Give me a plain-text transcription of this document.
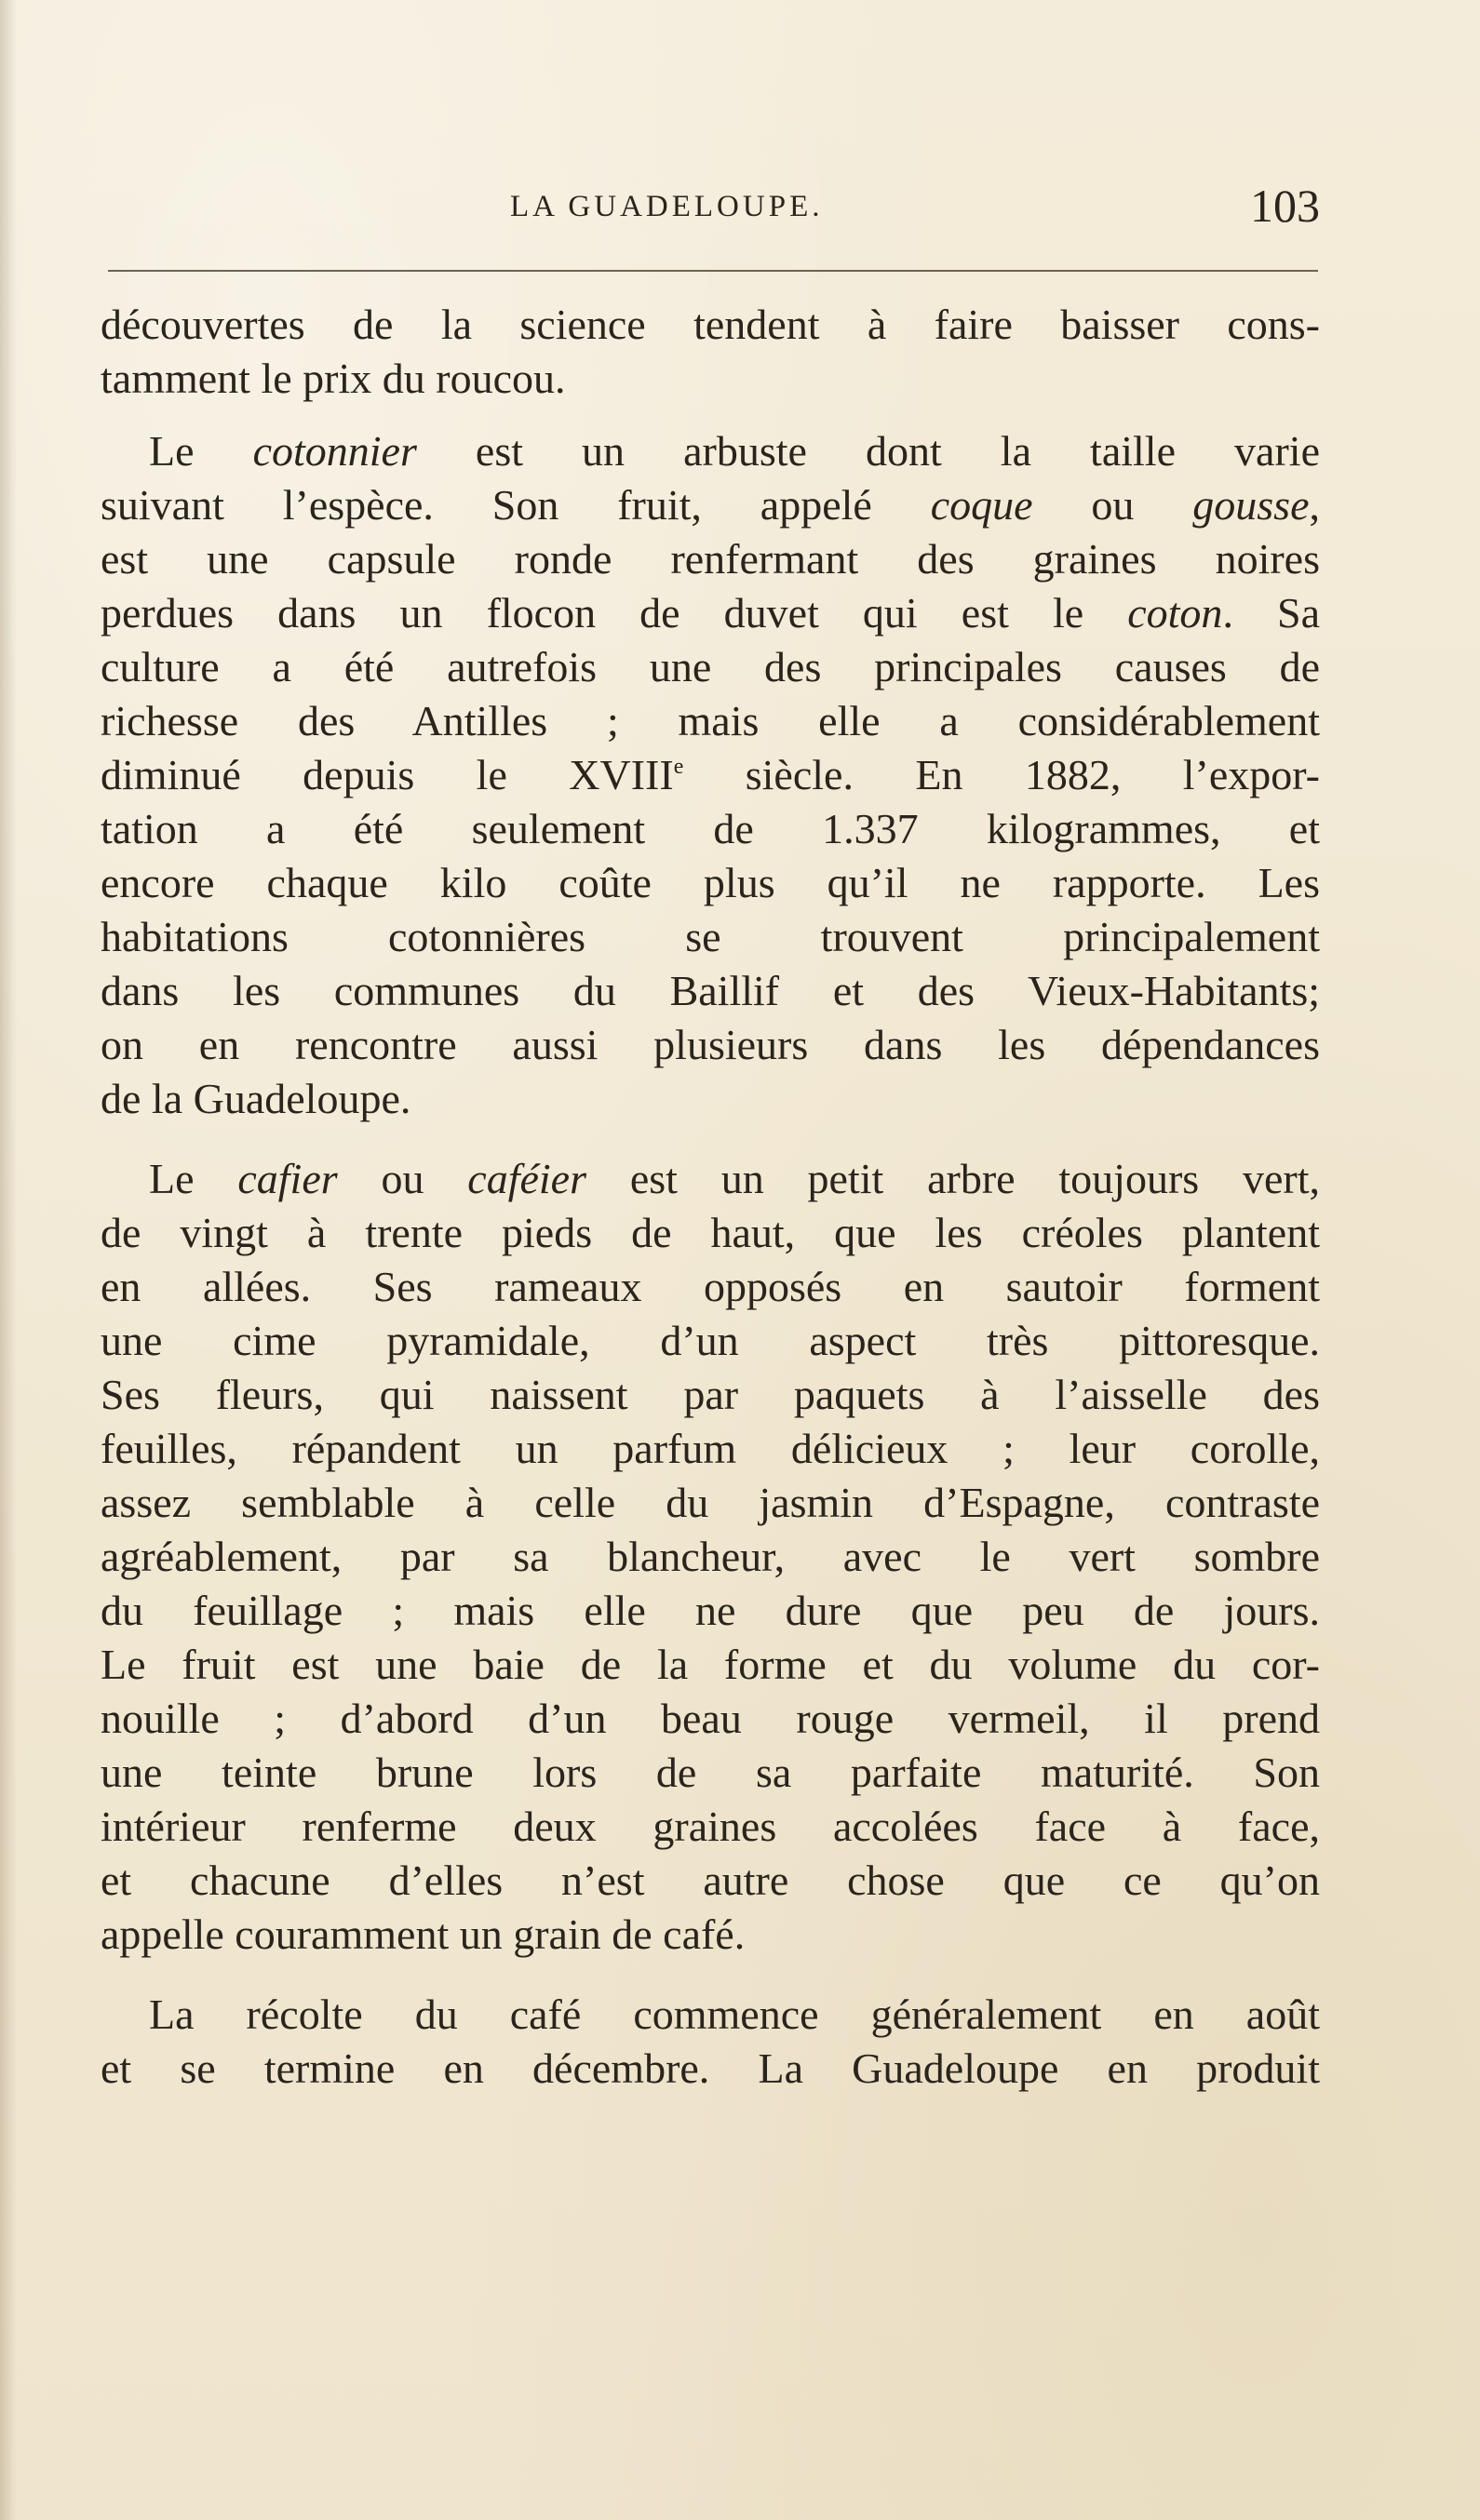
LA GUADELOUPE.	103
découvertes de la science tendent à faire baisser cons-
tamment le prix du roucou.
Le cotonnier est un arbuste dont la taille varie
suivant l’espèce. Son fruit, appelé coque ou gousse,
est une capsule ronde renfermant des graines noires
perdues dans un flocon de duvet qui est le coton. Sa
culture a été autrefois une des principales causes de
richesse des Antilles ; mais elle a considérablement
diminué depuis le XVIIIe siècle. En 1882, l’expor-
tation a été seulement de 1.337 kilogrammes, et
encore chaque kilo coûte plus qu’il ne rapporte. Les
habitations cotonnières se trouvent principalement
dans les communes du Baillif et des Vieux-Habitants;
on en rencontre aussi plusieurs dans les dépendances
de la Guadeloupe.
Le cafier ou caféier est un petit arbre toujours vert,
de vingt à trente pieds de haut, que les créoles plantent
en allées. Ses rameaux opposés en sautoir forment
une cime pyramidale, d’un aspect très pittoresque.
Ses fleurs, qui naissent par paquets à l’aisselle des
feuilles, répandent un parfum délicieux ; leur corolle,
assez semblable à celle du jasmin d’Espagne, contraste
agréablement, par sa blancheur, avec le vert sombre
du feuillage ; mais elle ne dure que peu de jours.
Le fruit est une baie de la forme et du volume du cor-
nouille ; d’abord d’un beau rouge vermeil, il prend
une teinte brune lors de sa parfaite maturité. Son
intérieur renferme deux graines accolées face à face,
et chacune d’elles n’est autre chose que ce qu’on
appelle couramment un grain de café.
La récolte du café commence généralement en août
et se termine en décembre. La Guadeloupe en produit
